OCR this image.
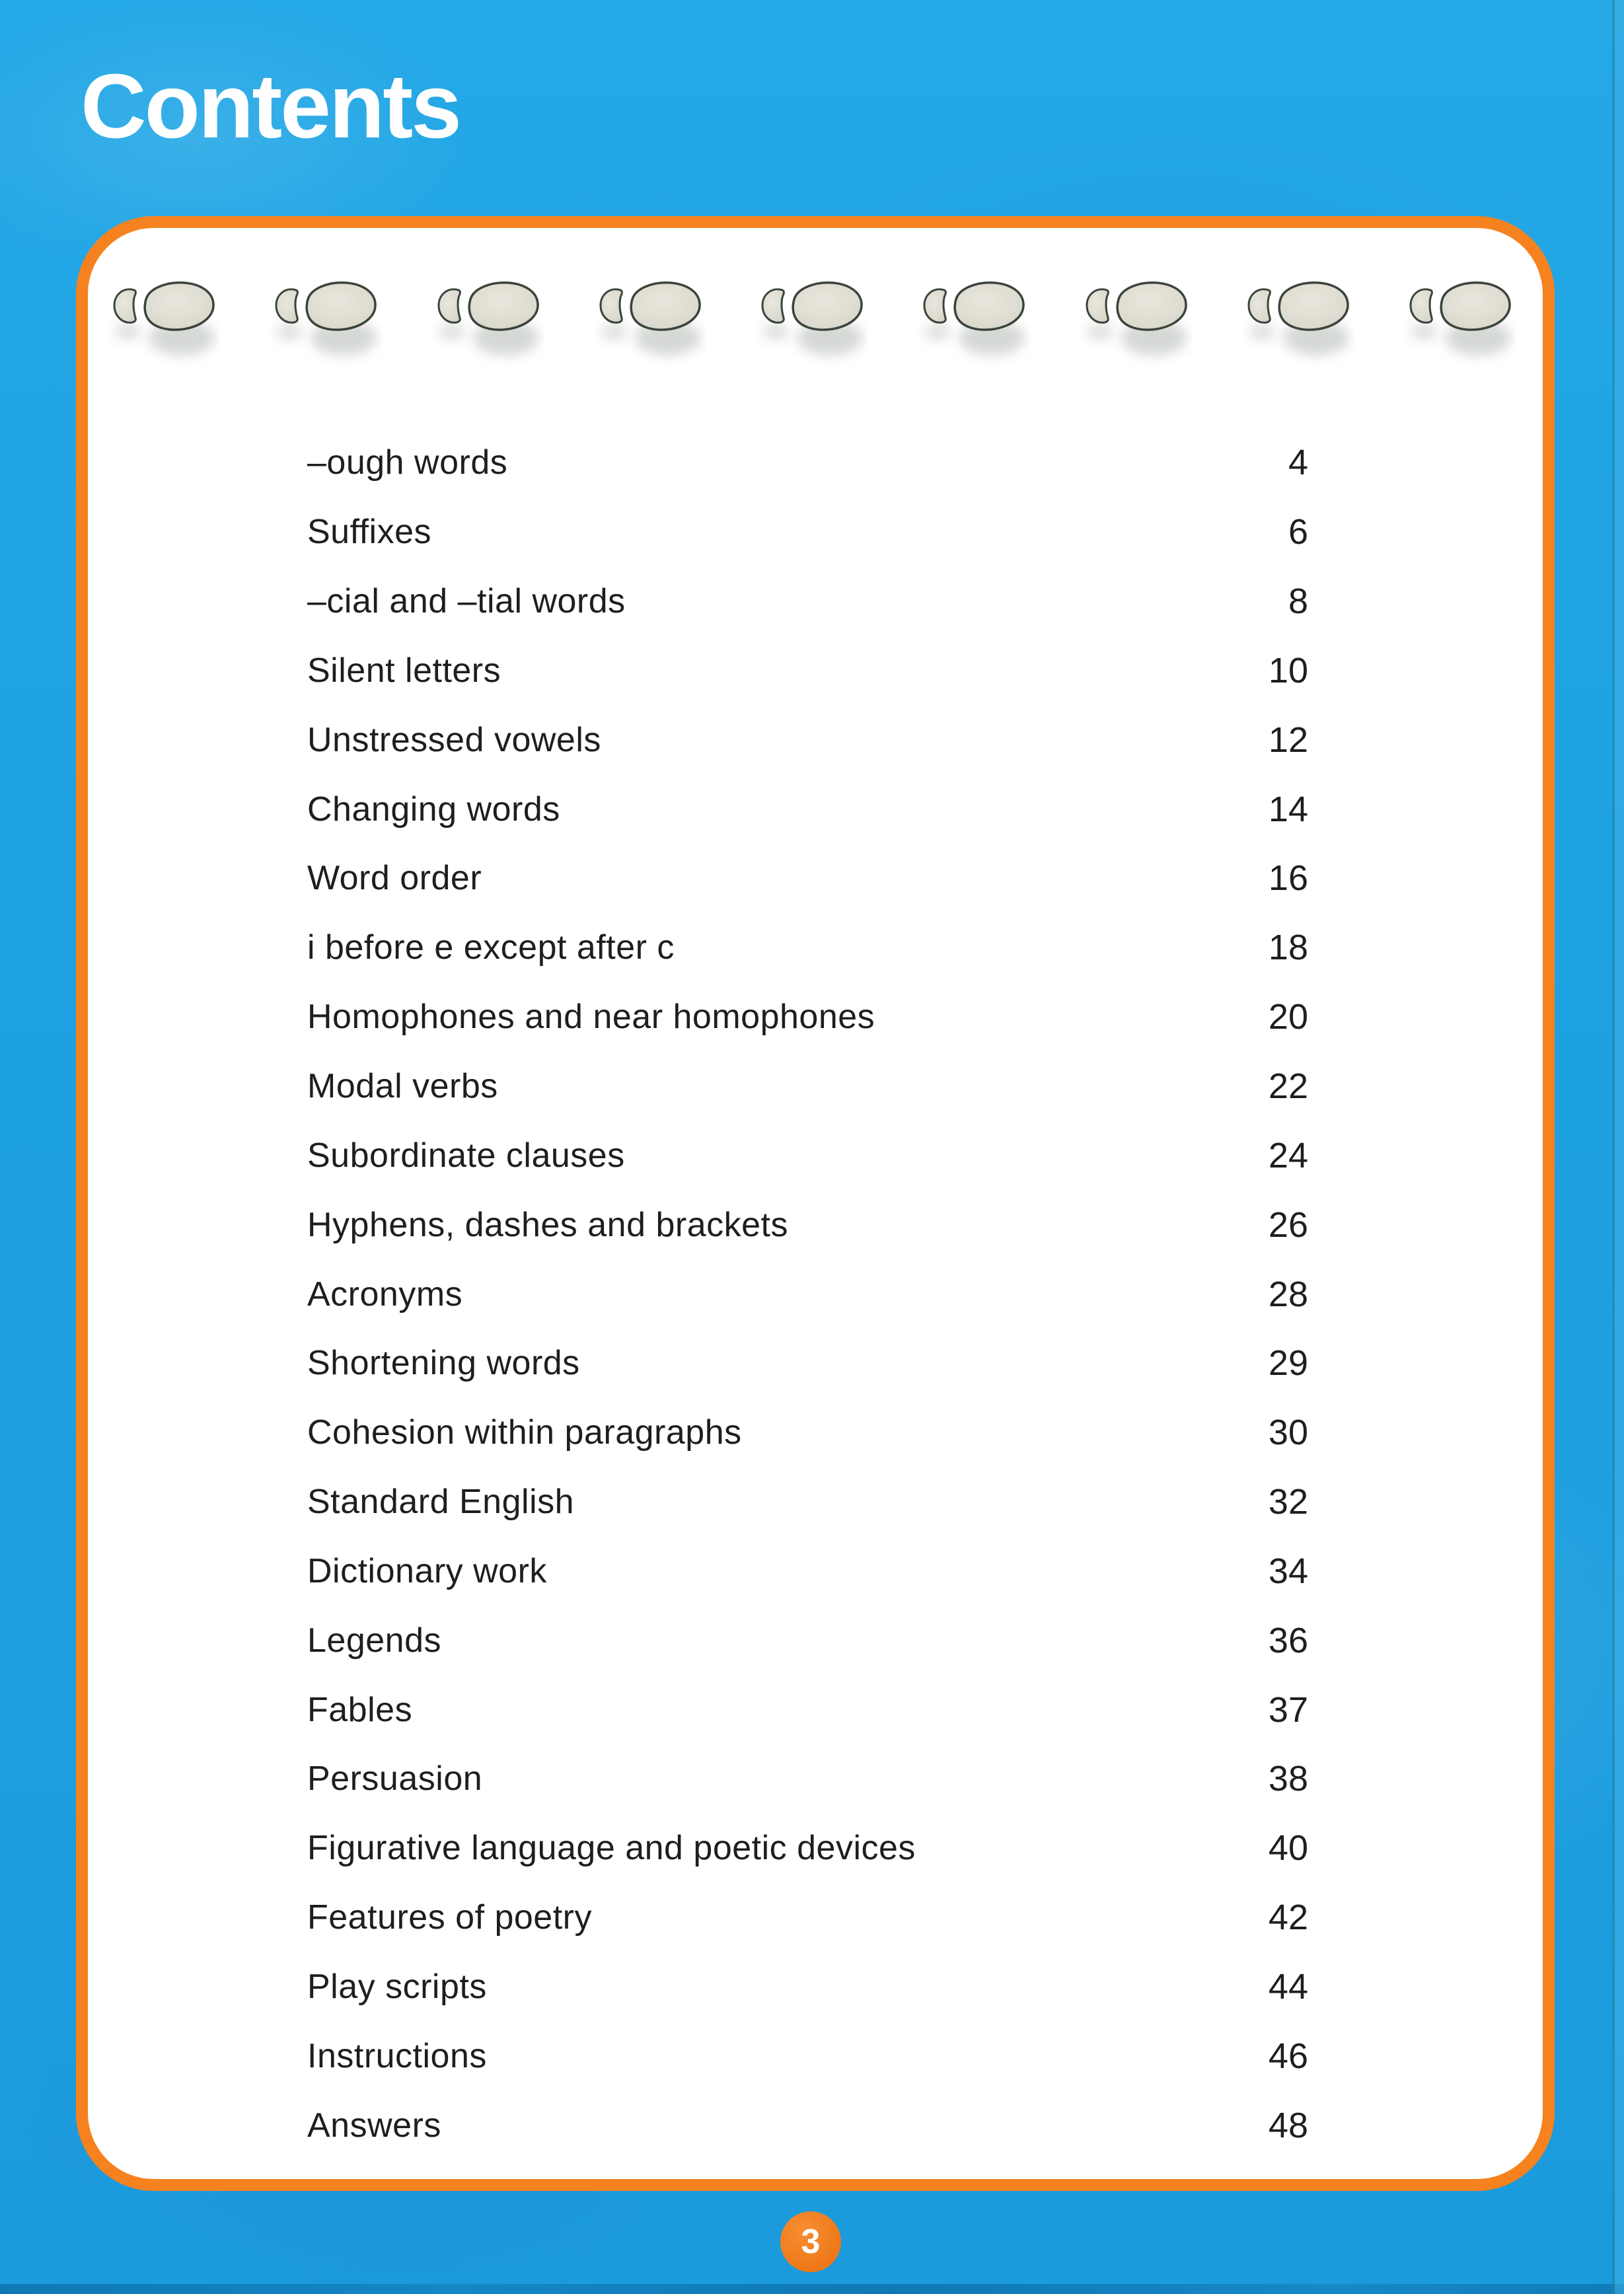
Contents
–ough words	4
Suffixes	6
–cial and –tial words	8
Silent letters	10
Unstressed vowels	12
Changing words	14
Word order	16
i before e except after c	18
Homophones and near homophones	20
Modal verbs	22
Subordinate clauses	24
Hyphens, dashes and brackets	26
Acronyms	28
Shortening words	29
Cohesion within paragraphs	30
Standard English	32
Dictionary work	34
Legends	36
Fables	37
Persuasion	38
Figurative language and poetic devices	40
Features of poetry	42
Play scripts	44
Instructions	46
Answers	48
3
